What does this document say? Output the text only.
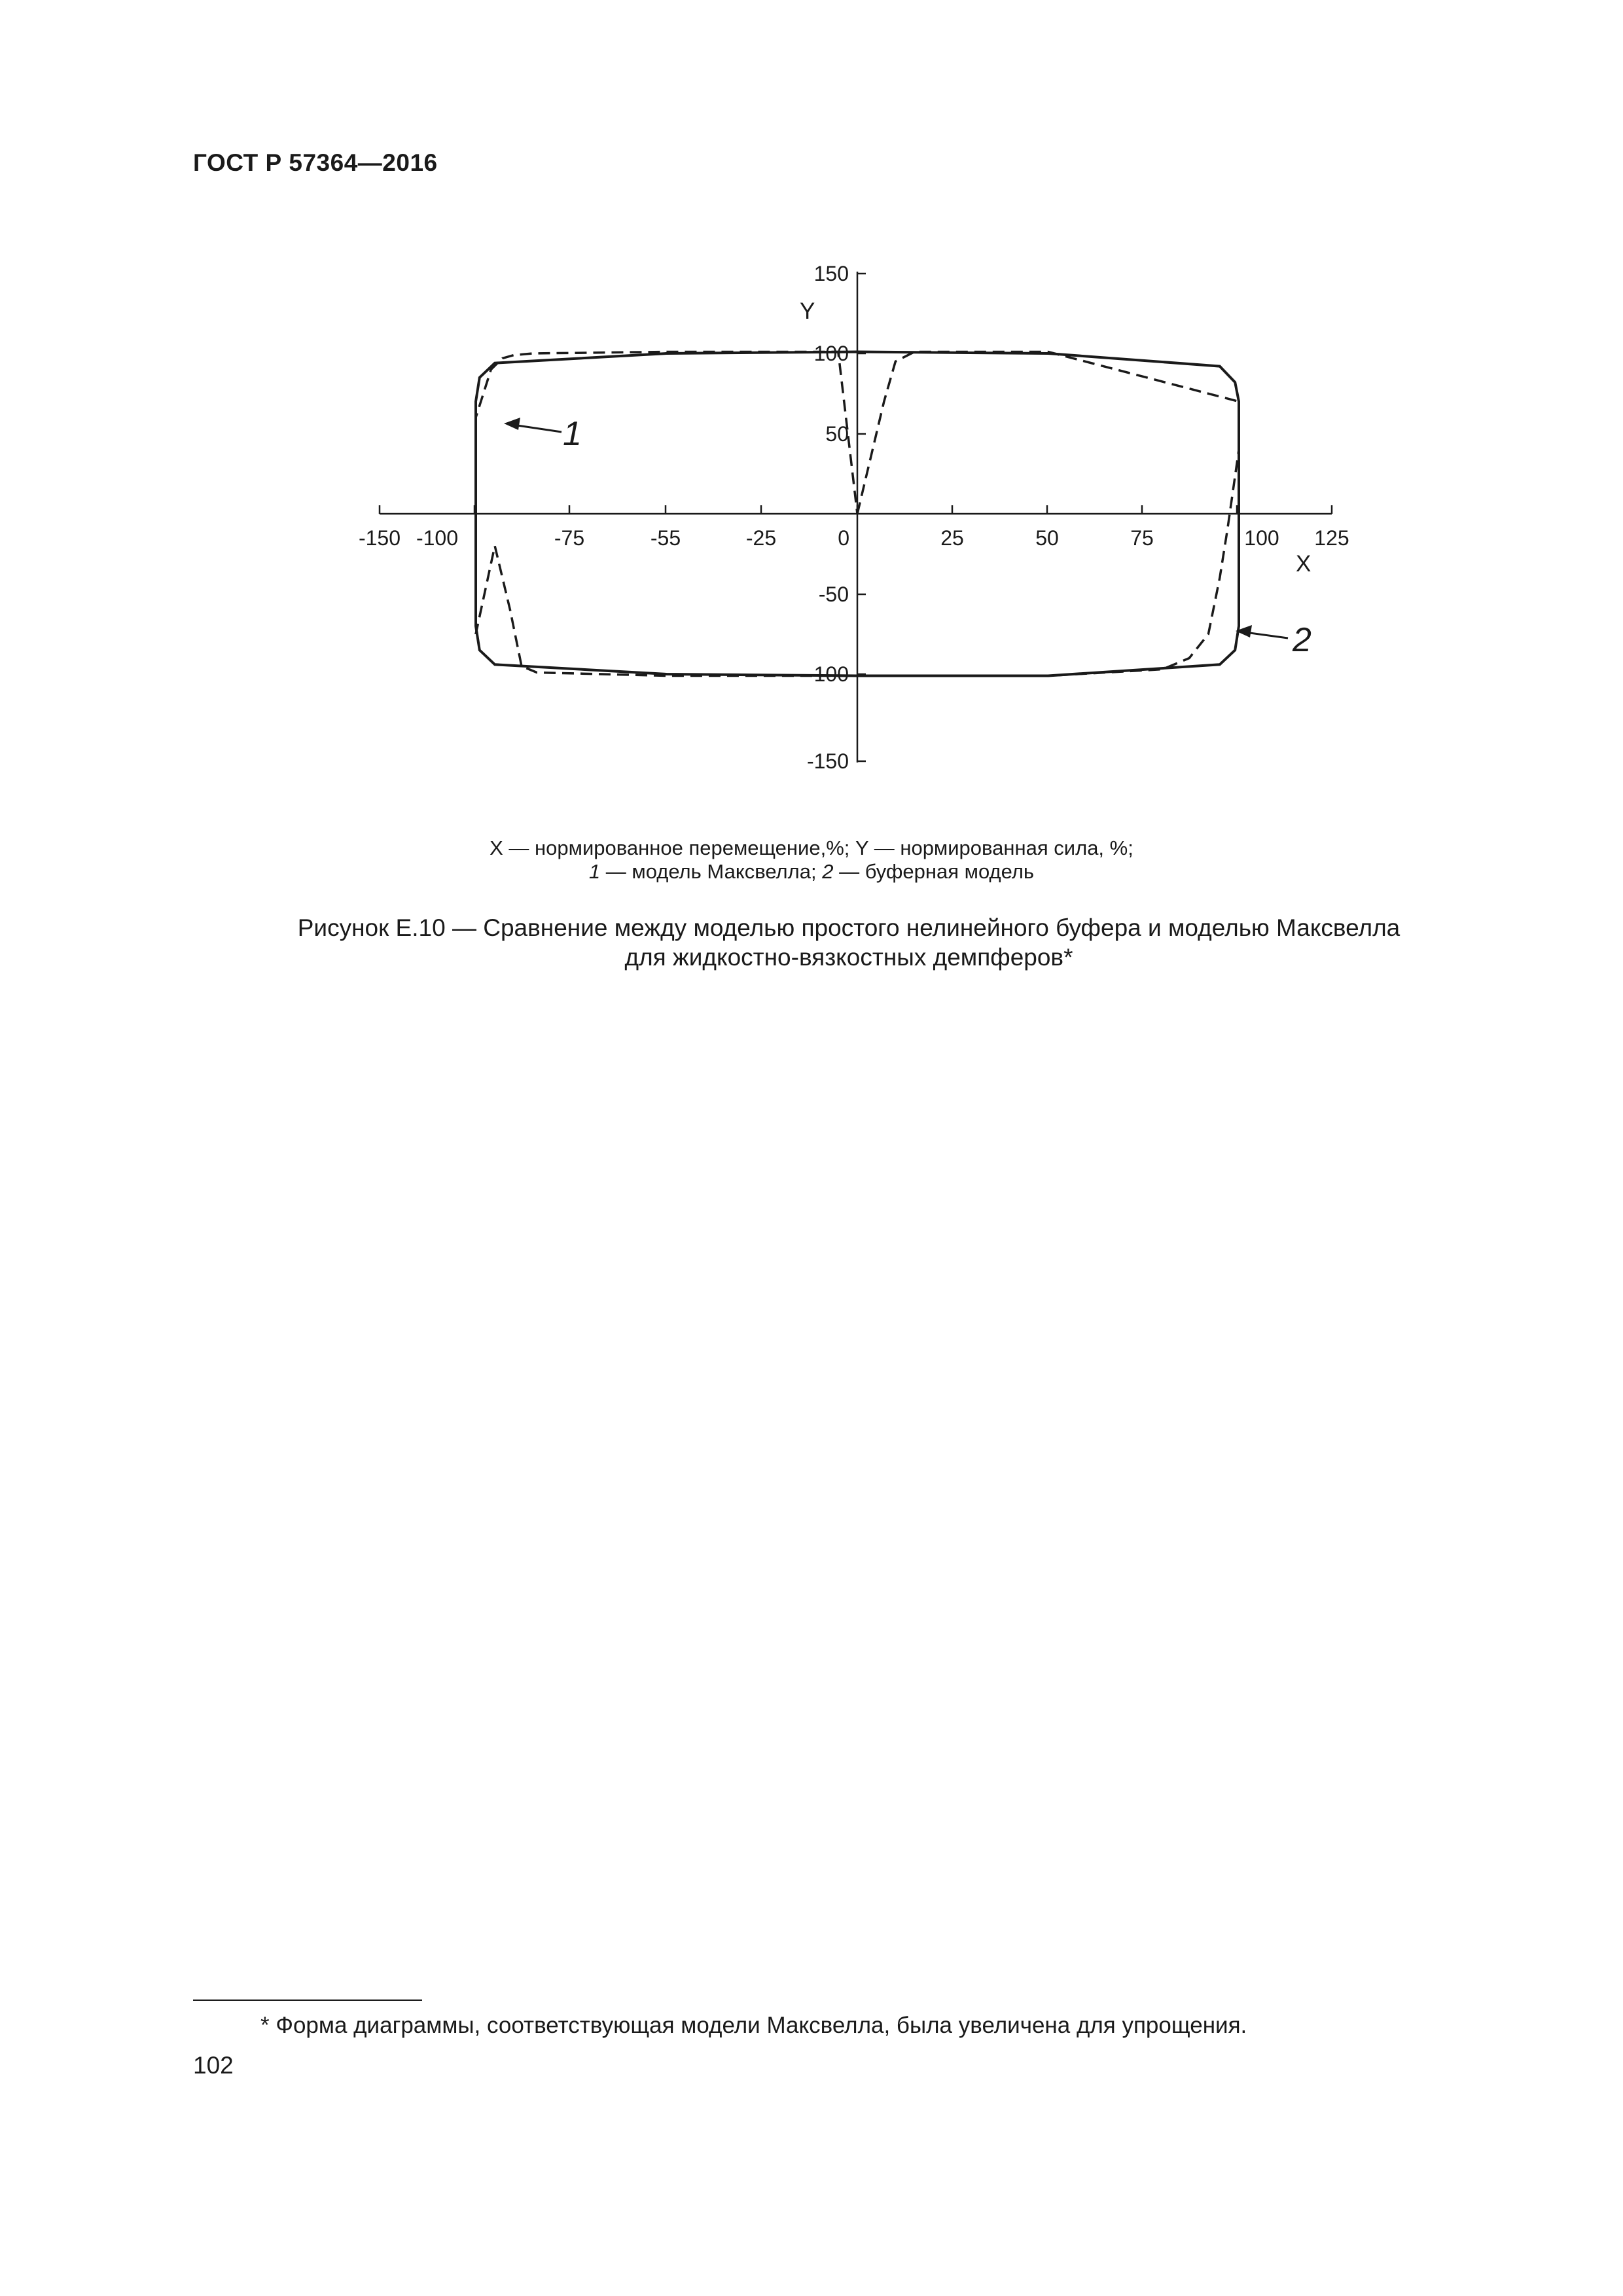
ГОСТ Р 57364—2016
-150 -100	-75	-55	-25	0	25	50	75	100 125
150
100
50
-50
-100
-150
Y
X
1
2
X — нормированное перемещение,%; Y — нормированная сила, %;
1 — модель Максвелла; 2 — буферная модель
Рисунок Е.10 — Сравнение между моделью простого нелинейного буфера и моделью Максвелла
для жидкостно-вязкостных демпферов*
* Форма диаграммы, соответствующая модели Максвелла, была увеличена для упрощения.
102
